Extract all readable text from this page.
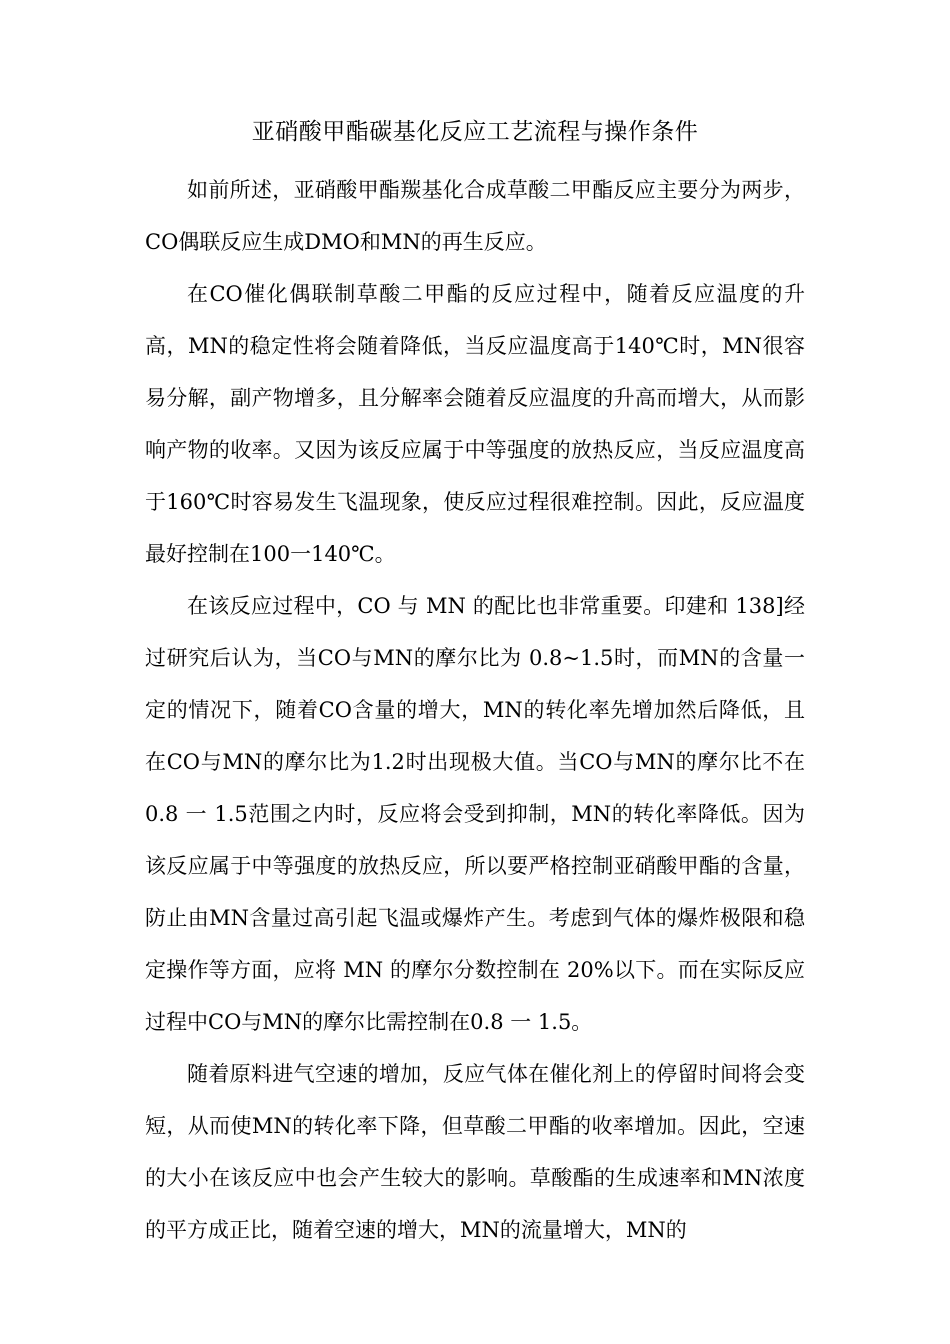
亚硝酸甲酯碳基化反应工艺流程与操作条件

如前所述，亚硝酸甲酯羰基化合成草酸二甲酯反应主要分为两步，CO偶联反应生成DMO和MN的再生反应。

在CO催化偶联制草酸二甲酯的反应过程中，随着反应温度的升高，MN的稳定性将会随着降低，当反应温度高于140℃时，MN很容易分解，副产物增多，且分解率会随着反应温度的升高而增大，从而影响产物的收率。又因为该反应属于中等强度的放热反应，当反应温度高于160℃时容易发生飞温现象，使反应过程很难控制。因此，反应温度最好控制在100一140℃。

在该反应过程中，CO 与 MN 的配比也非常重要。印建和 138]经过研究后认为，当CO与MN的摩尔比为 0.8~1.5时，而MN的含量一定的情况下，随着CO含量的增大，MN的转化率先增加然后降低，且在CO与MN的摩尔比为1.2时出现极大值。当CO与MN的摩尔比不在0.8 一 1.5范围之内时，反应将会受到抑制，MN的转化率降低。因为该反应属于中等强度的放热反应，所以要严格控制亚硝酸甲酯的含量，防止由MN含量过高引起飞温或爆炸产生。考虑到气体的爆炸极限和稳定操作等方面，应将 MN 的摩尔分数控制在 20%以下。而在实际反应过程中CO与MN的摩尔比需控制在0.8 一 1.5。

随着原料进气空速的增加，反应气体在催化剂上的停留时间将会变短，从而使MN的转化率下降，但草酸二甲酯的收率增加。因此，空速的大小在该反应中也会产生较大的影响。草酸酯的生成速率和MN浓度的平方成正比，随着空速的增大，MN的流量增大，MN的
